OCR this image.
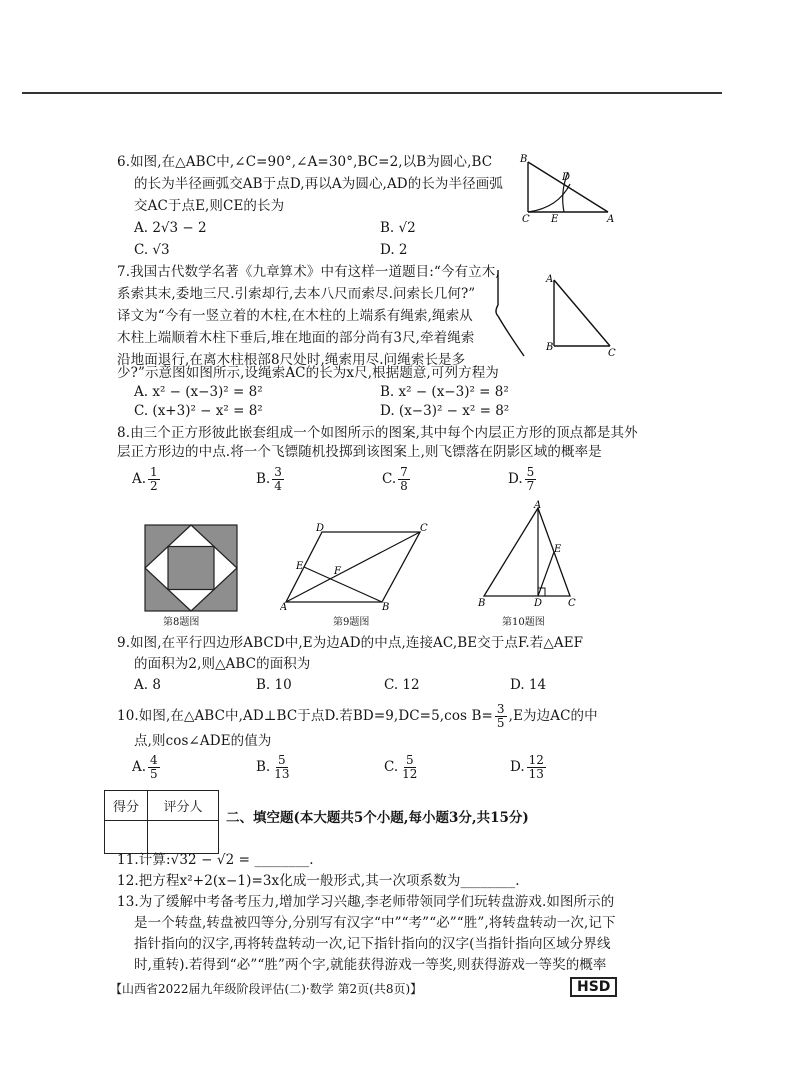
6.如图,在△ABC中,∠C=90°,∠A=30°,BC=2,以B为圆心,BC
的长为半径画弧交AB于点D,再以A为圆心,AD的长为半径画弧
交AC于点E,则CE的长为
A. 2√3 − 2	B. √2
C. √3	D. 2
B
D
C E	A
7.我国古代数学名著《九章算术》中有这样一道题目:“今有立木,
系索其末,委地三尺.引索却行,去本八尺而索尽.问索长几何?”
译文为“今有一竖立着的木柱,在木柱的上端系有绳索,绳索从
木柱上端顺着木柱下垂后,堆在地面的部分尚有3尺,牵着绳索
沿地面退行,在离木柱根部8尺处时,绳索用尽.问绳索长是多
少?”示意图如图所示,设绳索AC的长为x尺,根据题意,可列方程为
A. x² − (x−3)² = 8²	B. x² − (x−3)² = 8²
C. (x+3)² − x² = 8²	D. (x−3)² − x² = 8²
A
B
C
8.由三个正方形彼此嵌套组成一个如图所示的图案,其中每个内层正方形的顶点都是其外
层正方形边的中点.将一个飞镖随机投掷到该图案上,则飞镖落在阴影区域的概率是
A. $\frac{1}{2}$	B. $\frac{3}{4}$	C. $\frac{7}{8}$	D. $\frac{5}{7}$
第8题图
D	C
E	F
A	B
第9题图
A
E
B	D	C
第10题图
9.如图,在平行四边形ABCD中,E为边AD的中点,连接AC,BE交于点F.若△AEF
的面积为2,则△ABC的面积为
A. 8	B. 10	C. 12	D. 14
10.如图,在△ABC中,AD⊥BC于点D.若BD=9,DC=5,cos $B= \frac{3}{5} ,E$为边AC的中
点,则cos∠ADE的值为
A. $\frac{4}{5}$	B. $\frac{5}{13}$	C. $\frac{5}{12}$	D. $\frac{12}{13}$
得分	评分人

二、填空题(本大题共5个小题,每小题3分,共15分)
11.计算:√32 − √2 = ________.
12.把方程x²+2(x−1)=3x化成一般形式,其一次项系数为________.
13.为了缓解中考备考压力,增加学习兴趣,李老师带领同学们玩转盘游戏.如图所示的
是一个转盘,转盘被四等分,分别写有汉字“中”“考”“必”“胜”,将转盘转动一次,记下
指针指向的汉字,再将转盘转动一次,记下指针指向的汉字(当指针指向区域分界线
时,重转).若得到“必”“胜”两个字,就能获得游戏一等奖,则获得游戏一等奖的概率
【山西省2022届九年级阶段评估(二)·数学 第2页(共8页)】	HSD
